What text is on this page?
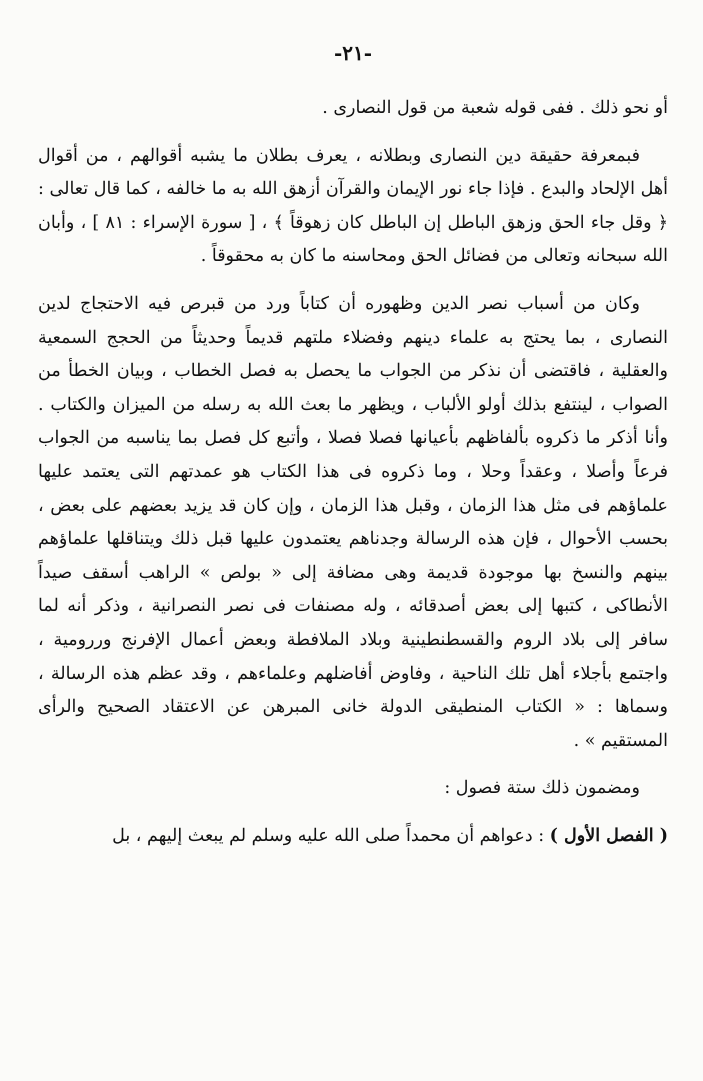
-٢١-

أو نحو ذلك . ففى قوله شعبة من قول النصارى .

فبمعرفة حقيقة دين النصارى وبطلانه ، يعرف بطلان ما يشبه أقوالهم ، من أقوال أهل الإلحاد والبدع . فإذا جاء نور الإيمان والقرآن أزهق الله به ما خالفه ، كما قال تعالى : ﴿ وقل جاء الحق وزهق الباطل إن الباطل كان زهوقاً ﴾ ، [ سورة الإسراء : ٨١ ] ، وأبان الله سبحانه وتعالى من فضائل الحق ومحاسنه ما كان به محقوقاً .

وكان من أسباب نصر الدين وظهوره أن كتاباً ورد من قبرص فيه الاحتجاج لدين النصارى ، بما يحتج به علماء دينهم وفضلاء ملتهم قديماً وحديثاً من الحجج السمعية والعقلية ، فاقتضى أن نذكر من الجواب ما يحصل به فصل الخطاب ، وبيان الخطأ من الصواب ، لينتفع بذلك أولو الألباب ، ويظهر ما بعث الله به رسله من الميزان والكتاب . وأنا أذكر ما ذكروه بألفاظهم بأعيانها فصلا فصلا ، وأتبع كل فصل بما يناسبه من الجواب فرعاً وأصلا ، وعقداً وحلا ، وما ذكروه فى هذا الكتاب هو عمدتهم التى يعتمد عليها علماؤهم فى مثل هذا الزمان ، وقبل هذا الزمان ، وإن كان قد يزيد بعضهم على بعض ، بحسب الأحوال ، فإن هذه الرسالة وجدناهم يعتمدون عليها قبل ذلك ويتناقلها علماؤهم بينهم والنسخ بها موجودة قديمة وهى مضافة إلى « بولص » الراهب أسقف صيداً الأنطاكى ، كتبها إلى بعض أصدقائه ، وله مصنفات فى نصر النصرانية ، وذكر أنه لما سافر إلى بلاد الروم والقسطنطينية وبلاد الملافطة وبعض أعمال الإفرنج وررومية ، واجتمع بأجلاء أهل تلك الناحية ، وفاوض أفاضلهم وعلماءهم ، وقد عظم هذه الرسالة ، وسماها : « الكتاب المنطيقى الدولة خانى المبرهن عن الاعتقاد الصحيح والرأى المستقيم » .

ومضمون ذلك ستة فصول :

( الفصل الأول ) : دعواهم أن محمداً صلى الله عليه وسلم لم يبعث إليهم ، بل
